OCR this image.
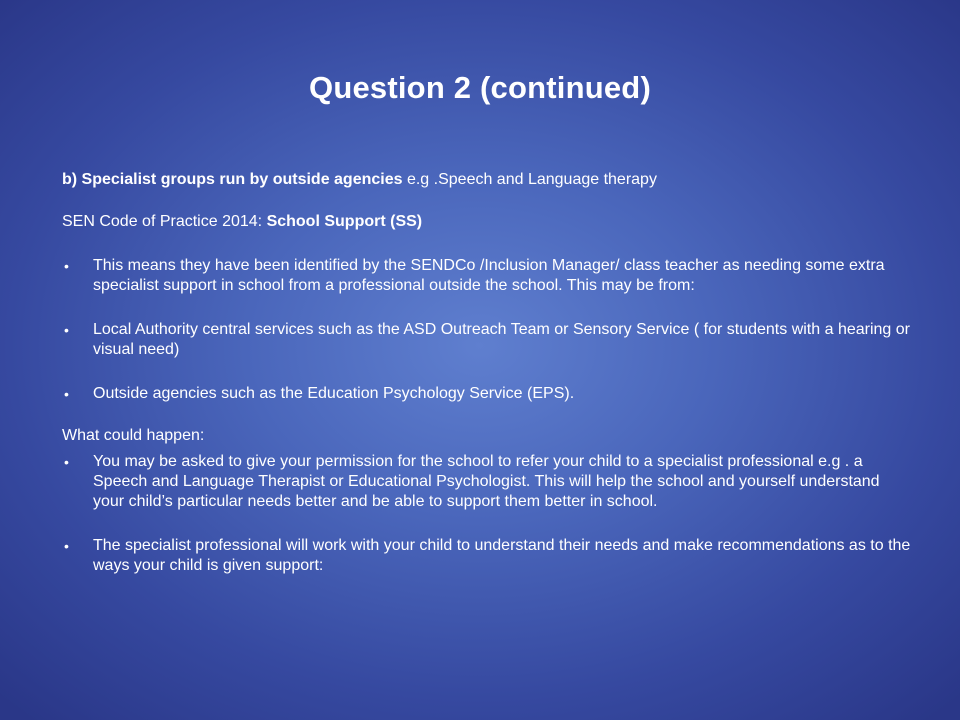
Question 2 (continued)

b) Specialist groups run by outside agencies e.g .Speech and Language therapy

SEN Code of Practice 2014: School Support (SS)

• This means they have been identified by the SENDCo /Inclusion Manager/ class teacher as needing some extra specialist support in school from a professional outside the school. This may be from:
• Local Authority central services such as the ASD Outreach Team or Sensory Service ( for students with a hearing or visual need)
• Outside agencies such as the Education Psychology Service (EPS).

What could happen:

• You may be asked to give your permission for the school to refer your child to a specialist professional e.g . a Speech and Language Therapist or Educational Psychologist. This will help the school and yourself understand your child’s particular needs better and be able to support them better in school.
• The specialist professional will work with your child to understand their needs and make recommendations as to the ways your child is given support:
